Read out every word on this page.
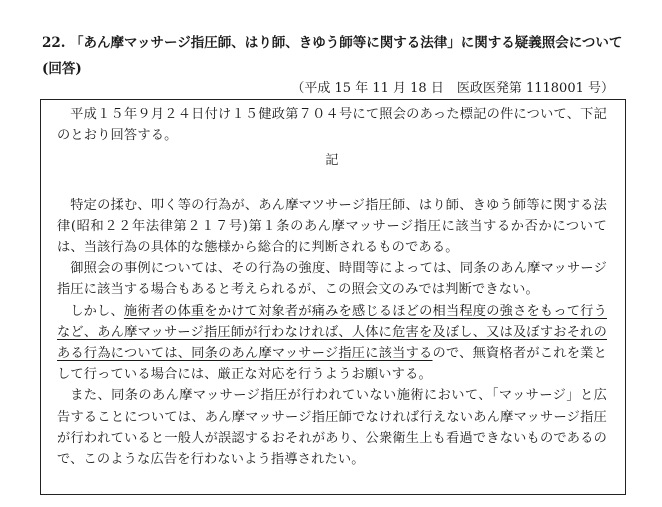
22. 「あん摩マッサージ指圧師、はり師、きゆう師等に関する法律」に関する疑義照会について(回答)
（平成 15 年 11 月 18 日　医政医発第 1118001 号）

平成１５年９月２４日付け１５健政第７０４号にて照会のあった標記の件について、下記のとおり回答する。

記

特定の揉む、叩く等の行為が、あん摩マツサージ指圧師、はり師、きゆう師等に関する法律(昭和２２年法律第２１７号)第１条のあん摩マッサージ指圧に該当するか否かについては、当該行為の具体的な態様から総合的に判断されるものである。

御照会の事例については、その行為の強度、時間等によっては、同条のあん摩マッサージ指圧に該当する場合もあると考えられるが、この照会文のみでは判断できない。

しかし、施術者の体重をかけて対象者が痛みを感じるほどの相当程度の強さをもって行うなど、あん摩マッサージ指圧師が行わなければ、人体に危害を及ぼし、又は及ぼすおそれのある行為については、同条のあん摩マッサージ指圧に該当するので、無資格者がこれを業として行っている場合には、厳正な対応を行うようお願いする。

また、同条のあん摩マッサージ指圧が行われていない施術において、「マッサージ」と広告することについては、あん摩マッサージ指圧師でなければ行えないあん摩マッサージ指圧が行われていると一般人が誤認するおそれがあり、公衆衛生上も看過できないものであるので、このような広告を行わないよう指導されたい。
